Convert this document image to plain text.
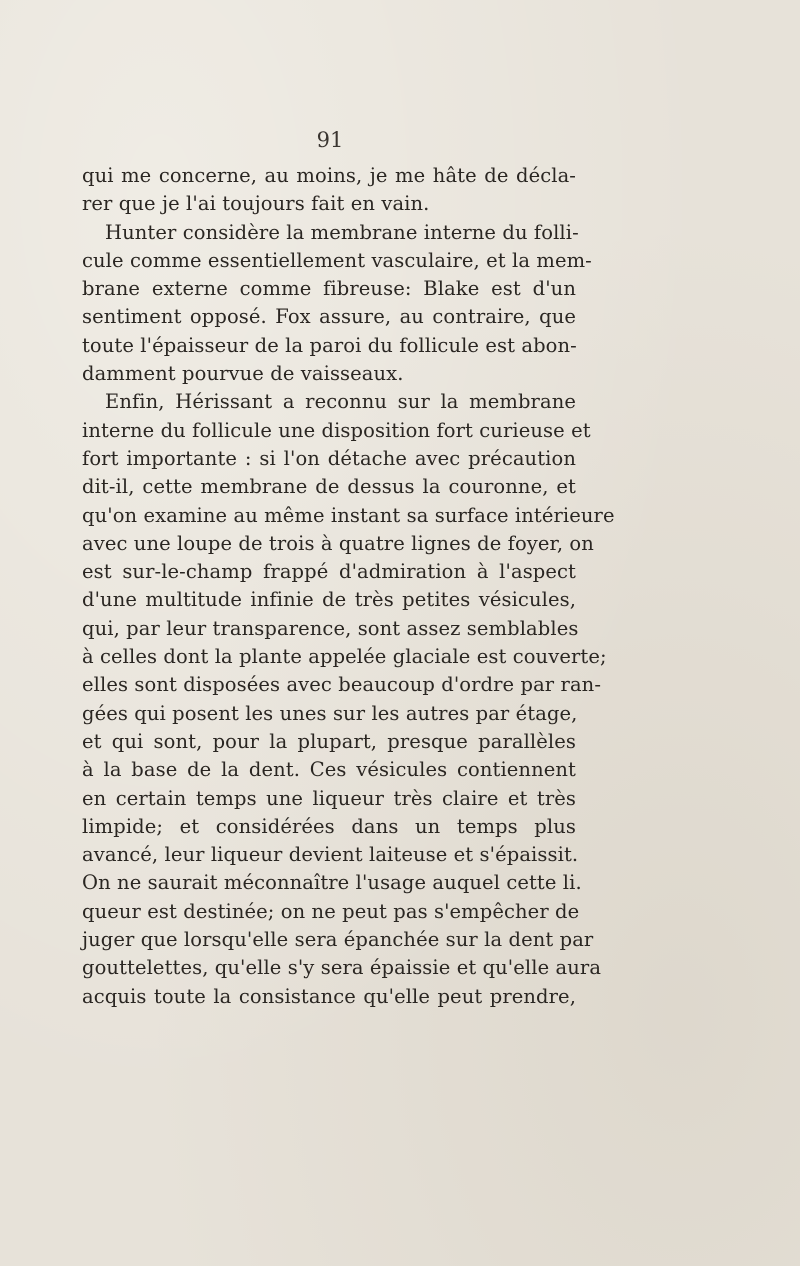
91
qui me concerne, au moins, je me hâte de décla-
rer que je l'ai toujours fait en vain.
Hunter considère la membrane interne du folli-
cule comme essentiellement vasculaire, et la mem-
brane externe comme fibreuse: Blake est d'un
sentiment opposé. Fox assure, au contraire, que
toute l'épaisseur de la paroi du follicule est abon-
damment pourvue de vaisseaux.
Enfin, Hérissant a reconnu sur la membrane
interne du follicule une disposition fort curieuse et
fort importante : si l'on détache avec précaution
dit-il, cette membrane de dessus la couronne, et
qu'on examine au même instant sa surface intérieure
avec une loupe de trois à quatre lignes de foyer, on
est sur-le-champ frappé d'admiration à l'aspect
d'une multitude infinie de très petites vésicules,
qui, par leur transparence, sont assez semblables
à celles dont la plante appelée glaciale est couverte;
elles sont disposées avec beaucoup d'ordre par ran-
gées qui posent les unes sur les autres par étage,
et qui sont, pour la plupart, presque parallèles
à la base de la dent. Ces vésicules contiennent
en certain temps une liqueur très claire et très
limpide; et considérées dans un temps plus
avancé, leur liqueur devient laiteuse et s'épaissit.
On ne saurait méconnaître l'usage auquel cette li.
queur est destinée; on ne peut pas s'empêcher de
juger que lorsqu'elle sera épanchée sur la dent par
gouttelettes, qu'elle s'y sera épaissie et qu'elle aura
acquis toute la consistance qu'elle peut prendre,
